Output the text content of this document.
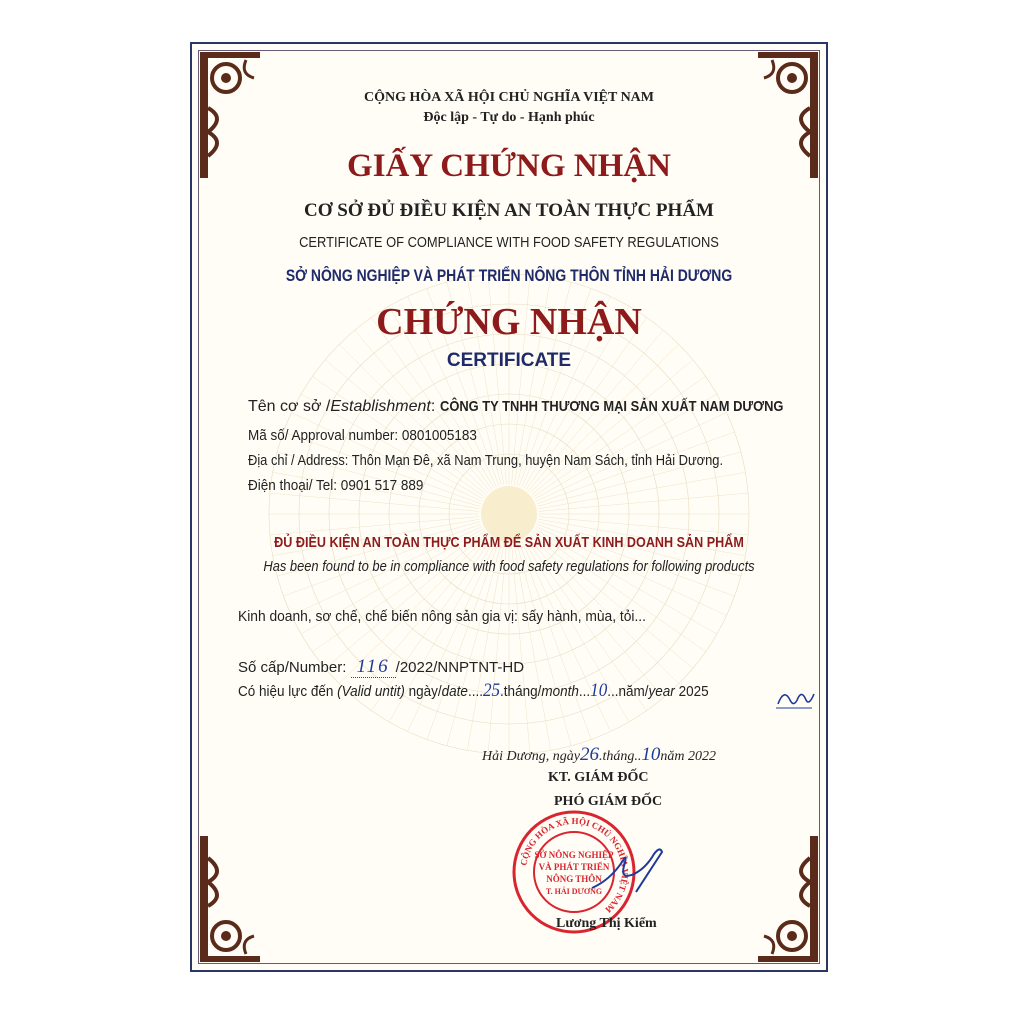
CỘNG HÒA XÃ HỘI CHỦ NGHĨA VIỆT NAM
Độc lập - Tự do - Hạnh phúc
GIẤY CHỨNG NHẬN
CƠ SỞ ĐỦ ĐIỀU KIỆN AN TOÀN THỰC PHẨM
CERTIFICATE OF COMPLIANCE WITH FOOD SAFETY REGULATIONS
SỞ NÔNG NGHIỆP VÀ PHÁT TRIỂN NÔNG THÔN TỈNH HẢI DƯƠNG
CHỨNG NHẬN
CERTIFICATE
Tên cơ sở /Establishment: CÔNG TY TNHH THƯƠNG MẠI SẢN XUẤT NAM DƯƠNG
Mã số/ Approval number: 0801005183
Địa chỉ / Address: Thôn Mạn Đê, xã Nam Trung, huyện Nam Sách, tỉnh Hải Dương.
Điện thoại/ Tel: 0901 517 889
ĐỦ ĐIỀU KIỆN AN TOÀN THỰC PHẨM ĐỂ SẢN XUẤT KINH DOANH SẢN PHẨM
Has been found to be in compliance with food safety regulations for following products
Kinh doanh, sơ chế, chế biến nông sản gia vị: sấy hành, mùa, tỏi...
Số cấp/Number: 116 /2022/NNPTNT-HD
Có hiệu lực đến (Valid untit) ngày/date....25.tháng/month...10...năm/year 2025
Hải Dương, ngày26.tháng..10năm 2022
KT. GIÁM ĐỐC
PHÓ GIÁM ĐỐC
CỘNG HÒA XÃ HỘI CHỦ NGHĨA VIỆT NAM
SỞ NÔNG NGHIỆP
VÀ PHÁT TRIỂN
NÔNG THÔN
T. HẢI DƯƠNG
Lương Thị Kiểm
